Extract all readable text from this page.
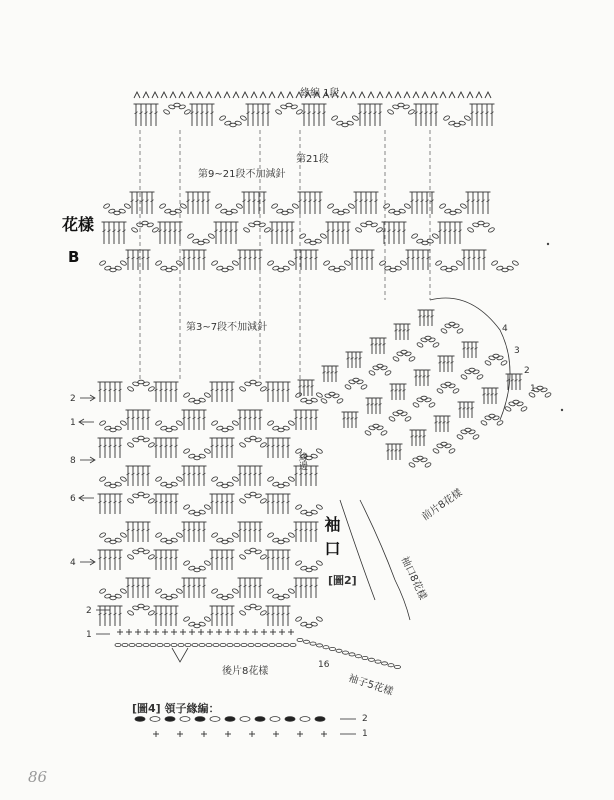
緣編 1段
第21段
第9~21段不加減針
花樣
B
第3~7段不加減針
緣邊
袖口
[圖2]
前片8花樣
袖口8花樣
後片8花樣
袖子5花樣
[圖4] 領子緣編：
86
2
1
8
6
4
2
1
4
3
2
1
16
2
1
